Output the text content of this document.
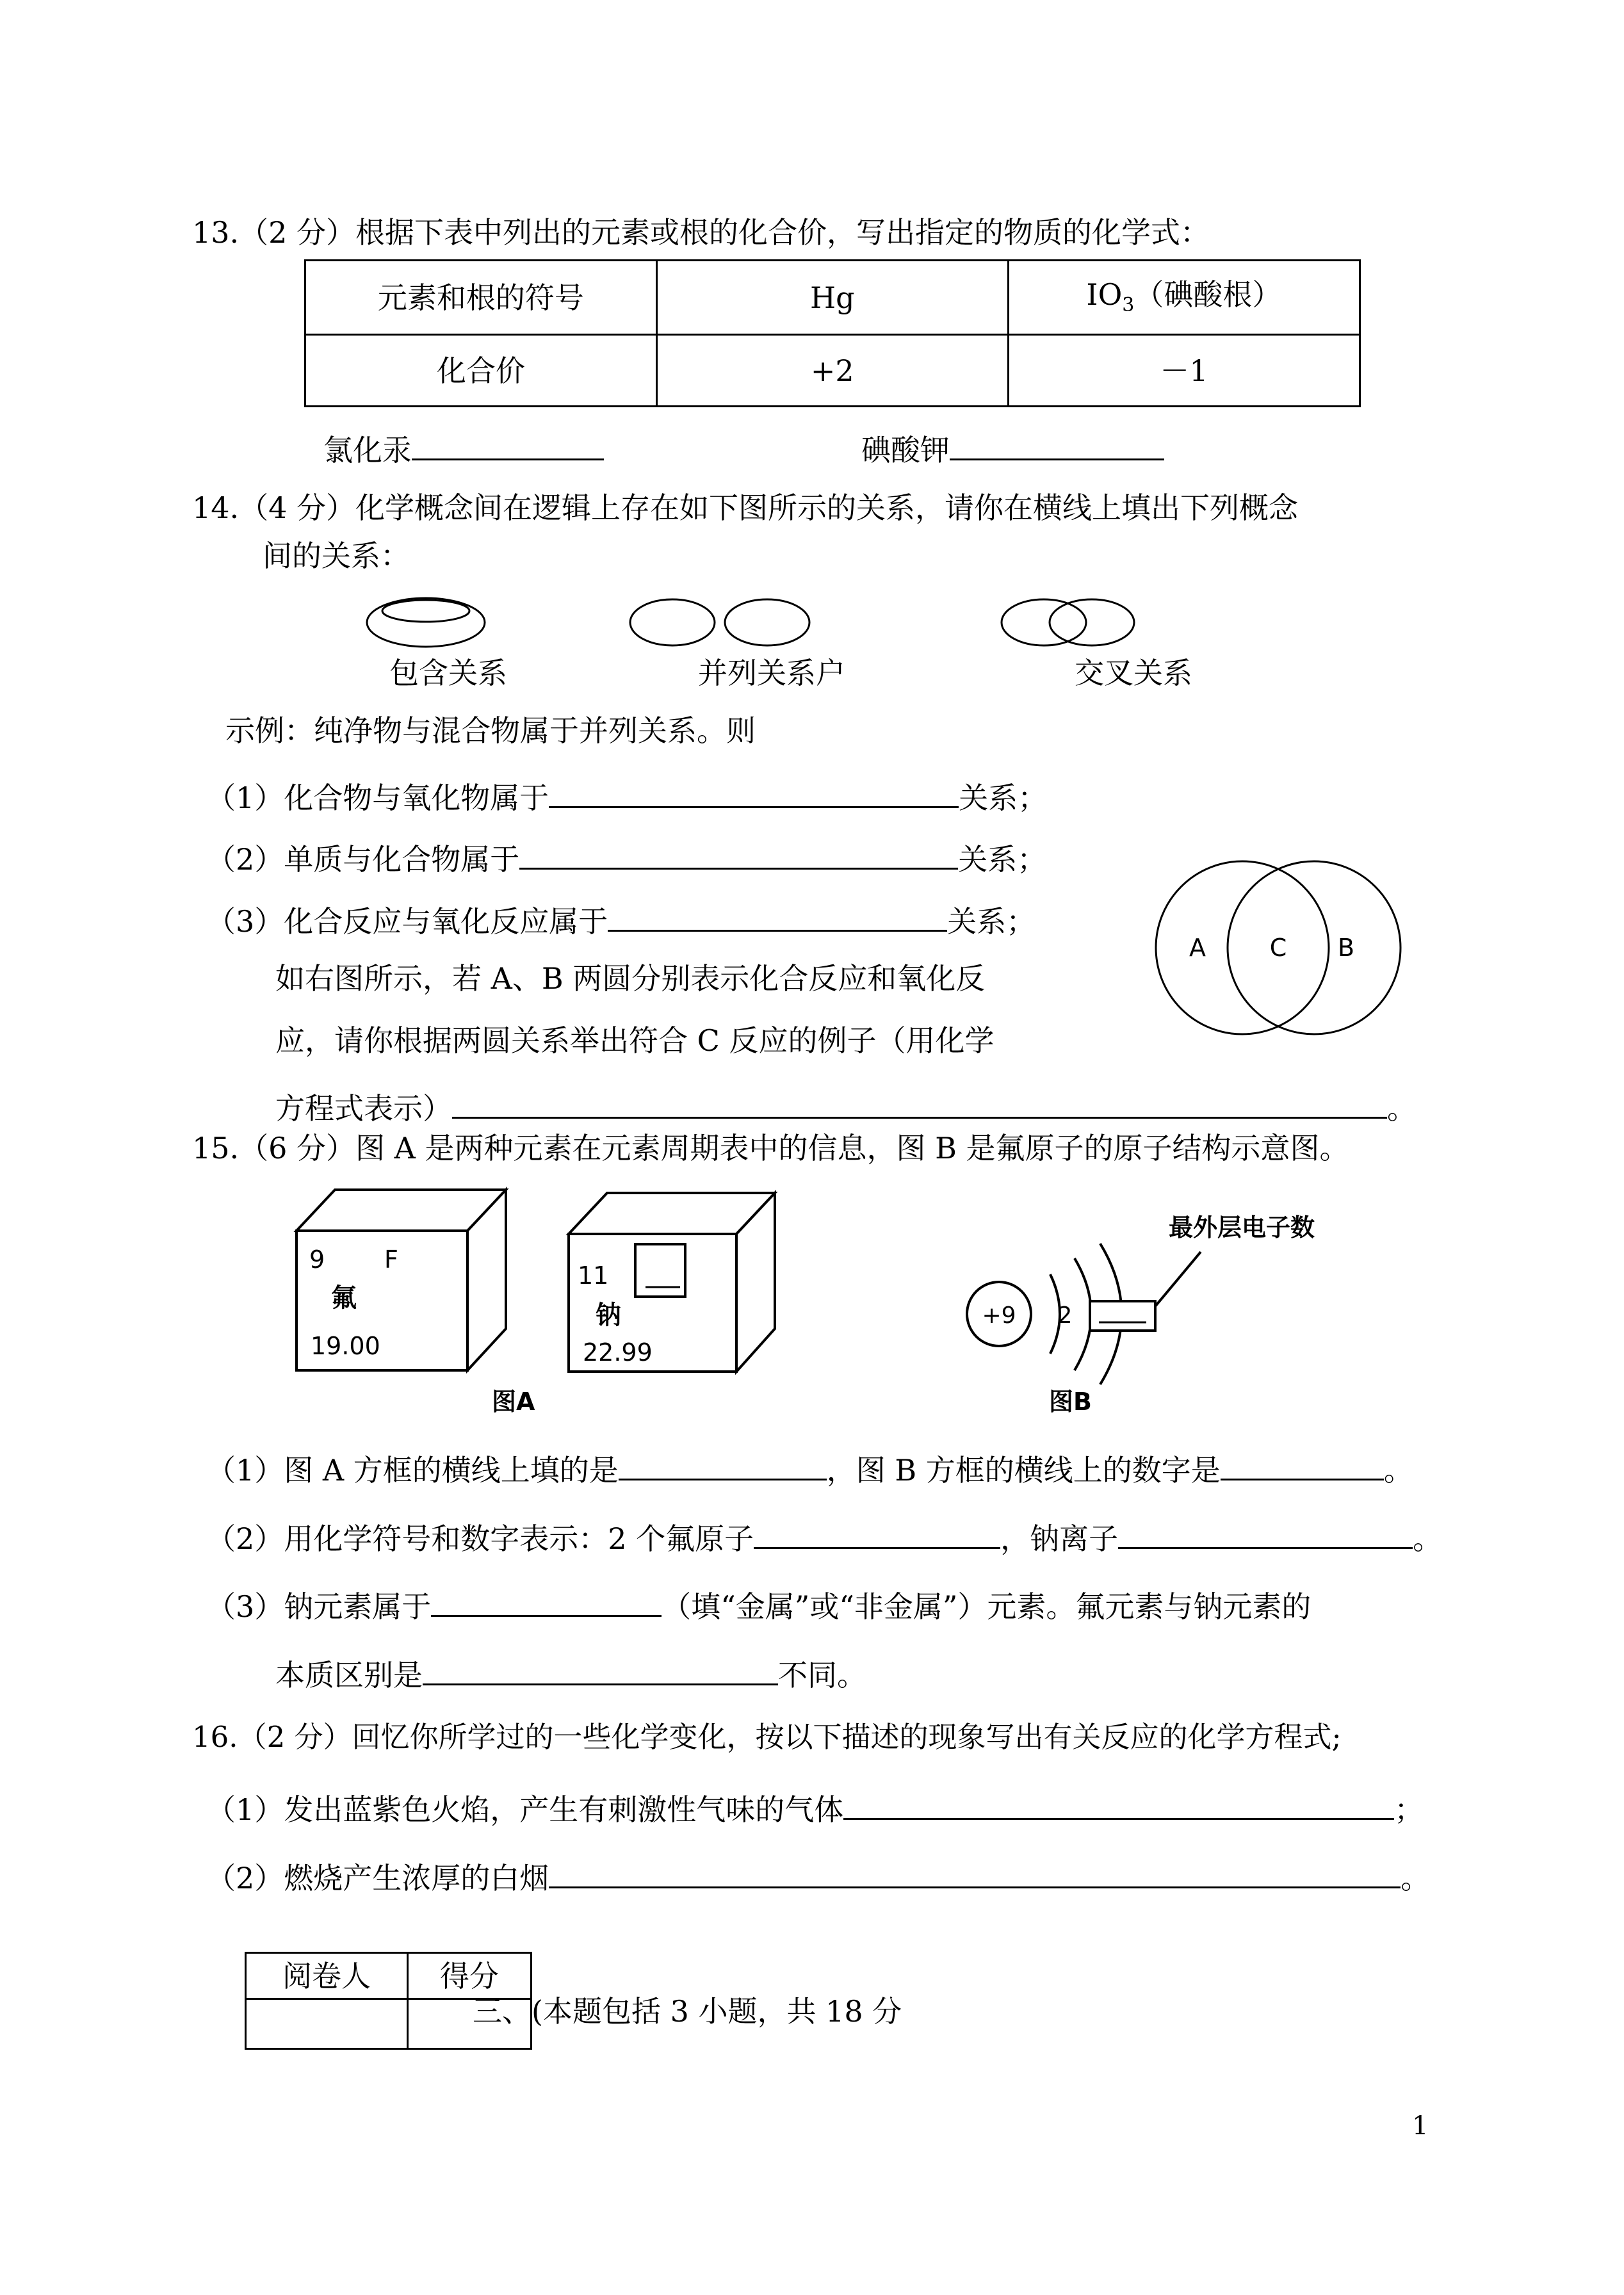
13.（2 分）根据下表中列出的元素或根的化合价，写出指定的物质的化学式：
元素和根的符号	Hg	$IO_3$（碘酸根）
化合价	+2	－1
氯化汞	碘酸钾
14.（4 分）化学概念间在逻辑上存在如下图所示的关系，请你在横线上填出下列概念
间的关系：
包含关系	并列关系户	交叉关系
示例：纯净物与混合物属于并列关系。则
（1）化合物与氧化物属于	关系；
（2）单质与化合物属于	关系；
（3）化合反应与氧化反应属于	关系；
如右图所示，若 A、B 两圆分别表示化合反应和氧化反
应，请你根据两圆关系举出符合 C 反应的例子（用化学
方程式表示）	。
A	C B
15.（6 分）图 A 是两种元素在元素周期表中的信息，图 B 是氟原子的原子结构示意图。
9 F
氟
19.00
11
钠
22.99
+9 2
最外层电子数
图A	图B
（1）图 A 方框的横线上填的是	，图 B 方框的横线上的数字是	。
（2）用化学符号和数字表示：2 个氟原子	，钠离子	。
（3）钠元素属于	（填“金属”或“非金属”）元素。氟元素与钠元素的
本质区别是	不同。
16.（2 分）回忆你所学过的一些化学变化，按以下描述的现象写出有关反应的化学方程式;
（1）发出蓝紫色火焰，产生有刺激性气味的气体	；
（2）燃烧产生浓厚的白烟	。
阅卷人	得分

三、(本题包括 3 小题，共 18 分
1
